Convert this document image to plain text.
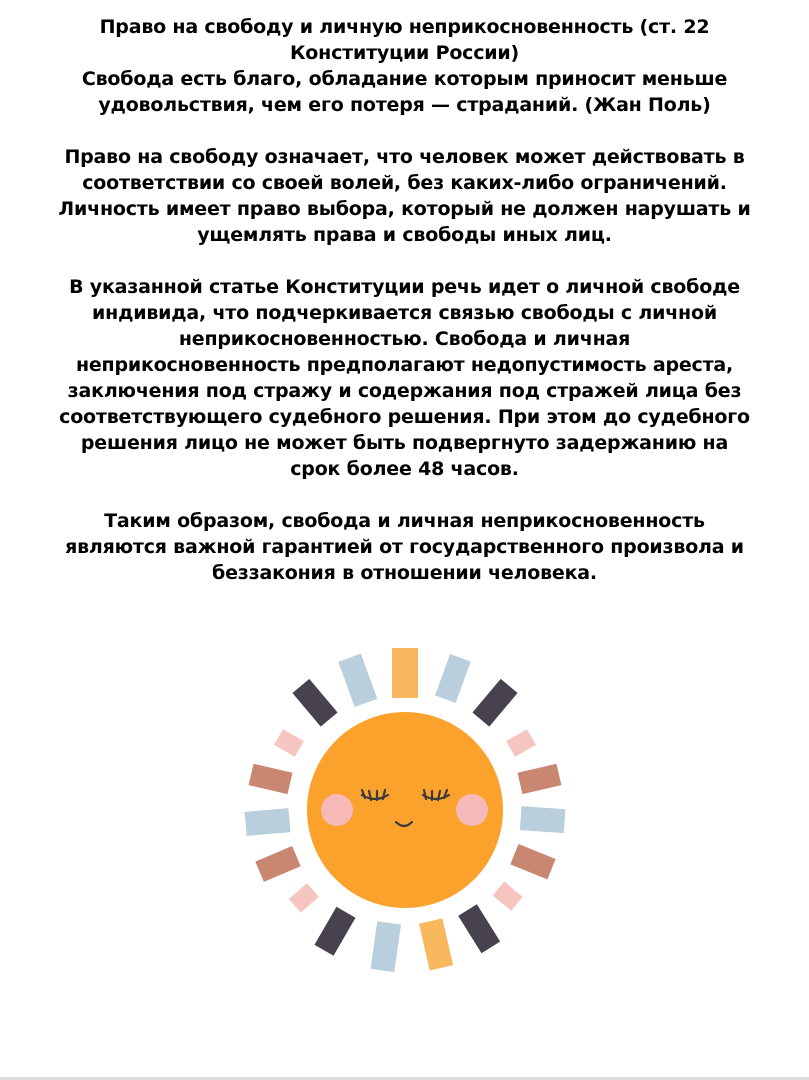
Право на свободу и личную неприкосновенность (ст. 22
Конституции России)
Свобода есть благо, обладание которым приносит меньше
удовольствия, чем его потеря — страданий. (Жан Поль)

Право на свободу означает, что человек может действовать в
соответствии со своей волей, без каких-либо ограничений.
Личность имеет право выбора, который не должен нарушать и
ущемлять права и свободы иных лиц.

В указанной статье Конституции речь идет о личной свободе
индивида, что подчеркивается связью свободы с личной
неприкосновенностью. Свобода и личная
неприкосновенность предполагают недопустимость ареста,
заключения под стражу и содержания под стражей лица без
соответствующего судебного решения. При этом до судебного
решения лицо не может быть подвергнуто задержанию на
срок более 48 часов.

Таким образом, свобода и личная неприкосновенность
являются важной гарантией от государственного произвола и
беззакония в отношении человека.
